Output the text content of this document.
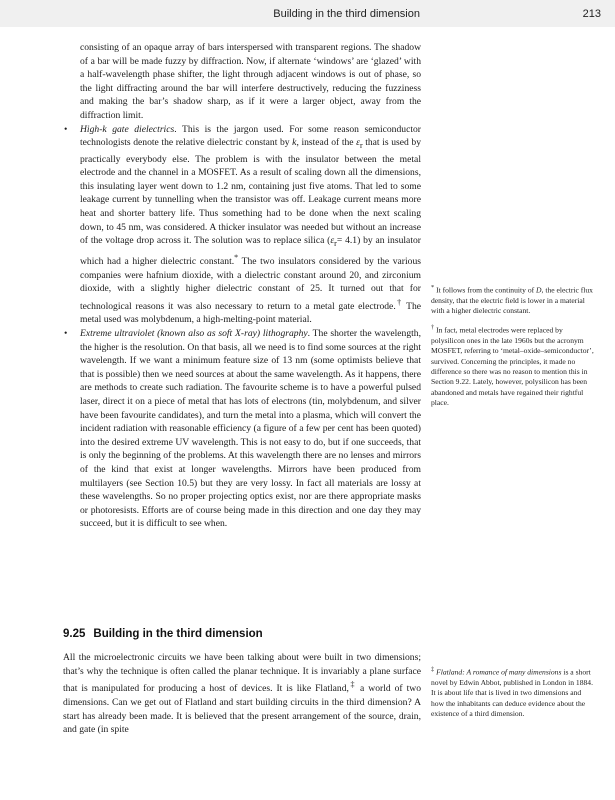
Building in the third dimension	213

consisting of an opaque array of bars interspersed with transparent regions. The shadow of a bar will be made fuzzy by diffraction. Now, if alternate ‘windows’ are ‘glazed’ with a half-wavelength phase shifter, the light through adjacent windows is out of phase, so the light diffracting around the bar will interfere destructively, reducing the fuzziness and making the bar’s shadow sharp, as if it were a larger object, away from the diffraction limit.

• High-k gate dielectrics. This is the jargon used. For some reason semiconductor technologists denote the relative dielectric constant by k, instead of the $\varepsilon_r$ that is used by practically everybody else. The problem is with the insulator between the metal electrode and the channel in a MOSFET. As a result of scaling down all the dimensions, this insulating layer went down to 1.2 nm, containing just five atoms. That led to some leakage current by tunnelling when the transistor was off. Leakage current means more heat and shorter battery life. Thus something had to be done when the next scaling down, to 45 nm, was considered. A thicker insulator was needed but without an increase of the voltage drop across it. The solution was to replace silica $(\varepsilon_r= 4.1)$ by an insulator which had a higher dielectric constant.* The two insulators considered by the various companies were hafnium dioxide, with a dielectric constant around 20, and zirconium dioxide, with a slightly higher dielectric constant of 25. It turned out that for technological reasons it was also necessary to return to a metal gate electrode.† The metal used was molybdenum, a high-melting-point material.

• Extreme ultraviolet (known also as soft X-ray) lithography. The shorter the wavelength, the higher is the resolution. On that basis, all we need is to find some sources at the right wavelength. If we want a minimum feature size of 13 nm (some optimists believe that that is possible) then we need sources at about the same wavelength. As it happens, there are methods to create such radiation. The favourite scheme is to have a powerful pulsed laser, direct it on a piece of metal that has lots of electrons (tin, molybdenum, and silver have been favourite candidates), and turn the metal into a plasma, which will convert the incident radiation with reasonable efficiency (a figure of a few per cent has been quoted) into the desired extreme UV wavelength. This is not easy to do, but if one succeeds, that is only the beginning of the problems. At this wavelength there are no lenses and mirrors of the kind that exist at longer wavelengths. Mirrors have been produced from multilayers (see Section 10.5) but they are very lossy. In fact all materials are lossy at these wavelengths. So no proper projecting optics exist, nor are there appropriate masks or photoresists. Efforts are of course being made in this direction and one day they may succeed, but it is difficult to see when.

9.25 Building in the third dimension

All the microelectronic circuits we have been talking about were built in two dimensions; that’s why the technique is often called the planar technique. It is invariably a plane surface that is manipulated for producing a host of devices. It is like Flatland,‡ a world of two dimensions. Can we get out of Flatland and start building circuits in the third dimension? A start has already been made. It is believed that the present arrangement of the source, drain, and gate (in spite

* It follows from the continuity of D, the electric flux density, that the electric field is lower in a material with a higher dielectric constant.

† In fact, metal electrodes were replaced by polysilicon ones in the late 1960s but the acronym MOSFET, referring to ‘metal–oxide–semiconductor’, survived. Concerning the principles, it made no difference so there was no reason to mention this in Section 9.22. Lately, however, polysilicon has been abandoned and metals have regained their rightful place.

‡ Flatland: A romance of many dimensions is a short novel by Edwin Abbot, published in London in 1884. It is about life that is lived in two dimensions and how the inhabitants can deduce evidence about the existence of a third dimension.
